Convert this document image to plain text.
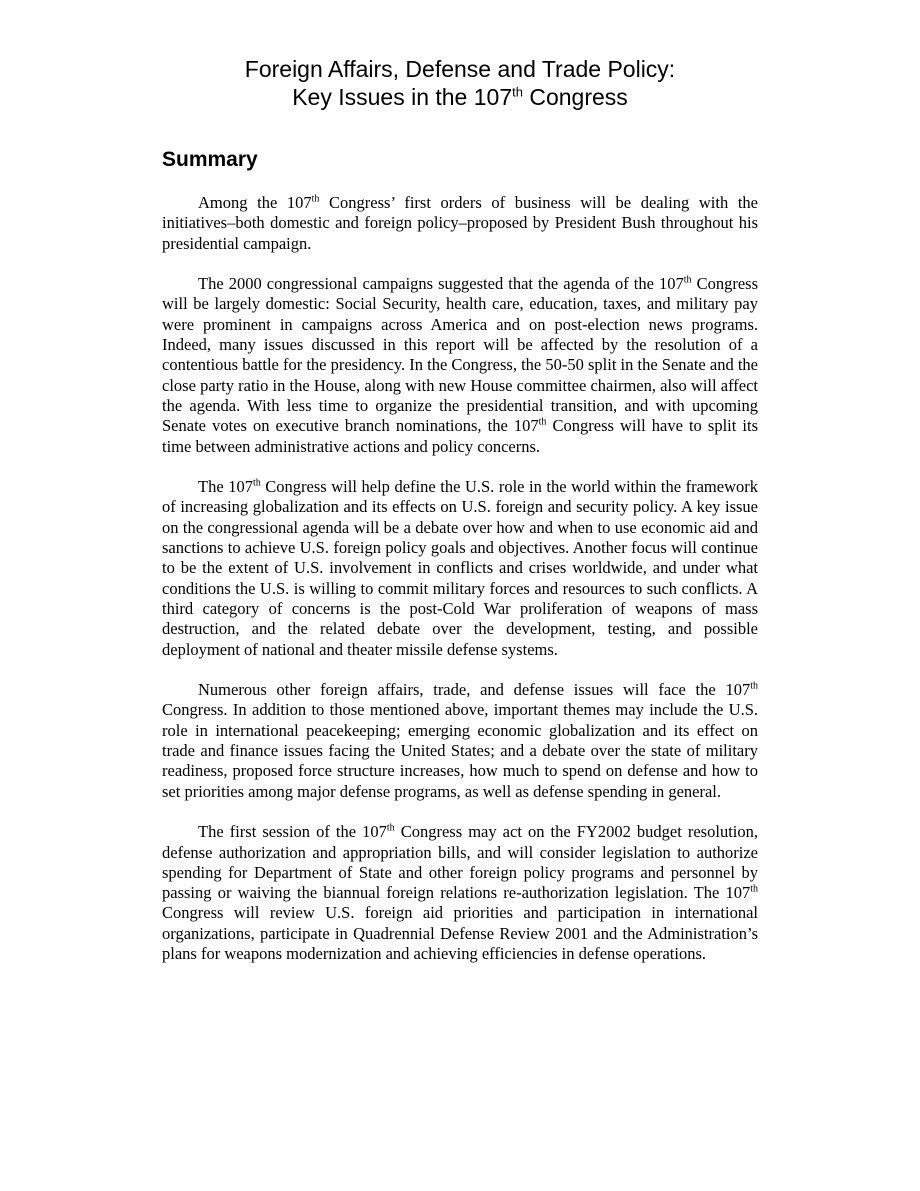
Foreign Affairs, Defense and Trade Policy:
Key Issues in the 107th Congress
Summary

Among the 107th Congress’ first orders of business will be dealing with the initiatives–both domestic and foreign policy–proposed by President Bush throughout his presidential campaign.

The 2000 congressional campaigns suggested that the agenda of the 107th Congress will be largely domestic: Social Security, health care, education, taxes, and military pay were prominent in campaigns across America and on post-election news programs. Indeed, many issues discussed in this report will be affected by the resolution of a contentious battle for the presidency. In the Congress, the 50-50 split in the Senate and the close party ratio in the House, along with new House committee chairmen, also will affect the agenda. With less time to organize the presidential transition, and with upcoming Senate votes on executive branch nominations, the 107th Congress will have to split its time between administrative actions and policy concerns.

The 107th Congress will help define the U.S. role in the world within the framework of increasing globalization and its effects on U.S. foreign and security policy. A key issue on the congressional agenda will be a debate over how and when to use economic aid and sanctions to achieve U.S. foreign policy goals and objectives. Another focus will continue to be the extent of U.S. involvement in conflicts and crises worldwide, and under what conditions the U.S. is willing to commit military forces and resources to such conflicts. A third category of concerns is the post-Cold War proliferation of weapons of mass destruction, and the related debate over the development, testing, and possible deployment of national and theater missile defense systems.

Numerous other foreign affairs, trade, and defense issues will face the 107th Congress. In addition to those mentioned above, important themes may include the U.S. role in international peacekeeping; emerging economic globalization and its effect on trade and finance issues facing the United States; and a debate over the state of military readiness, proposed force structure increases, how much to spend on defense and how to set priorities among major defense programs, as well as defense spending in general.

The first session of the 107th Congress may act on the FY2002 budget resolution, defense authorization and appropriation bills, and will consider legislation to authorize spending for Department of State and other foreign policy programs and personnel by passing or waiving the biannual foreign relations re-authorization legislation. The 107th Congress will review U.S. foreign aid priorities and participation in international organizations, participate in Quadrennial Defense Review 2001 and the Administration’s plans for weapons modernization and achieving efficiencies in defense operations.
